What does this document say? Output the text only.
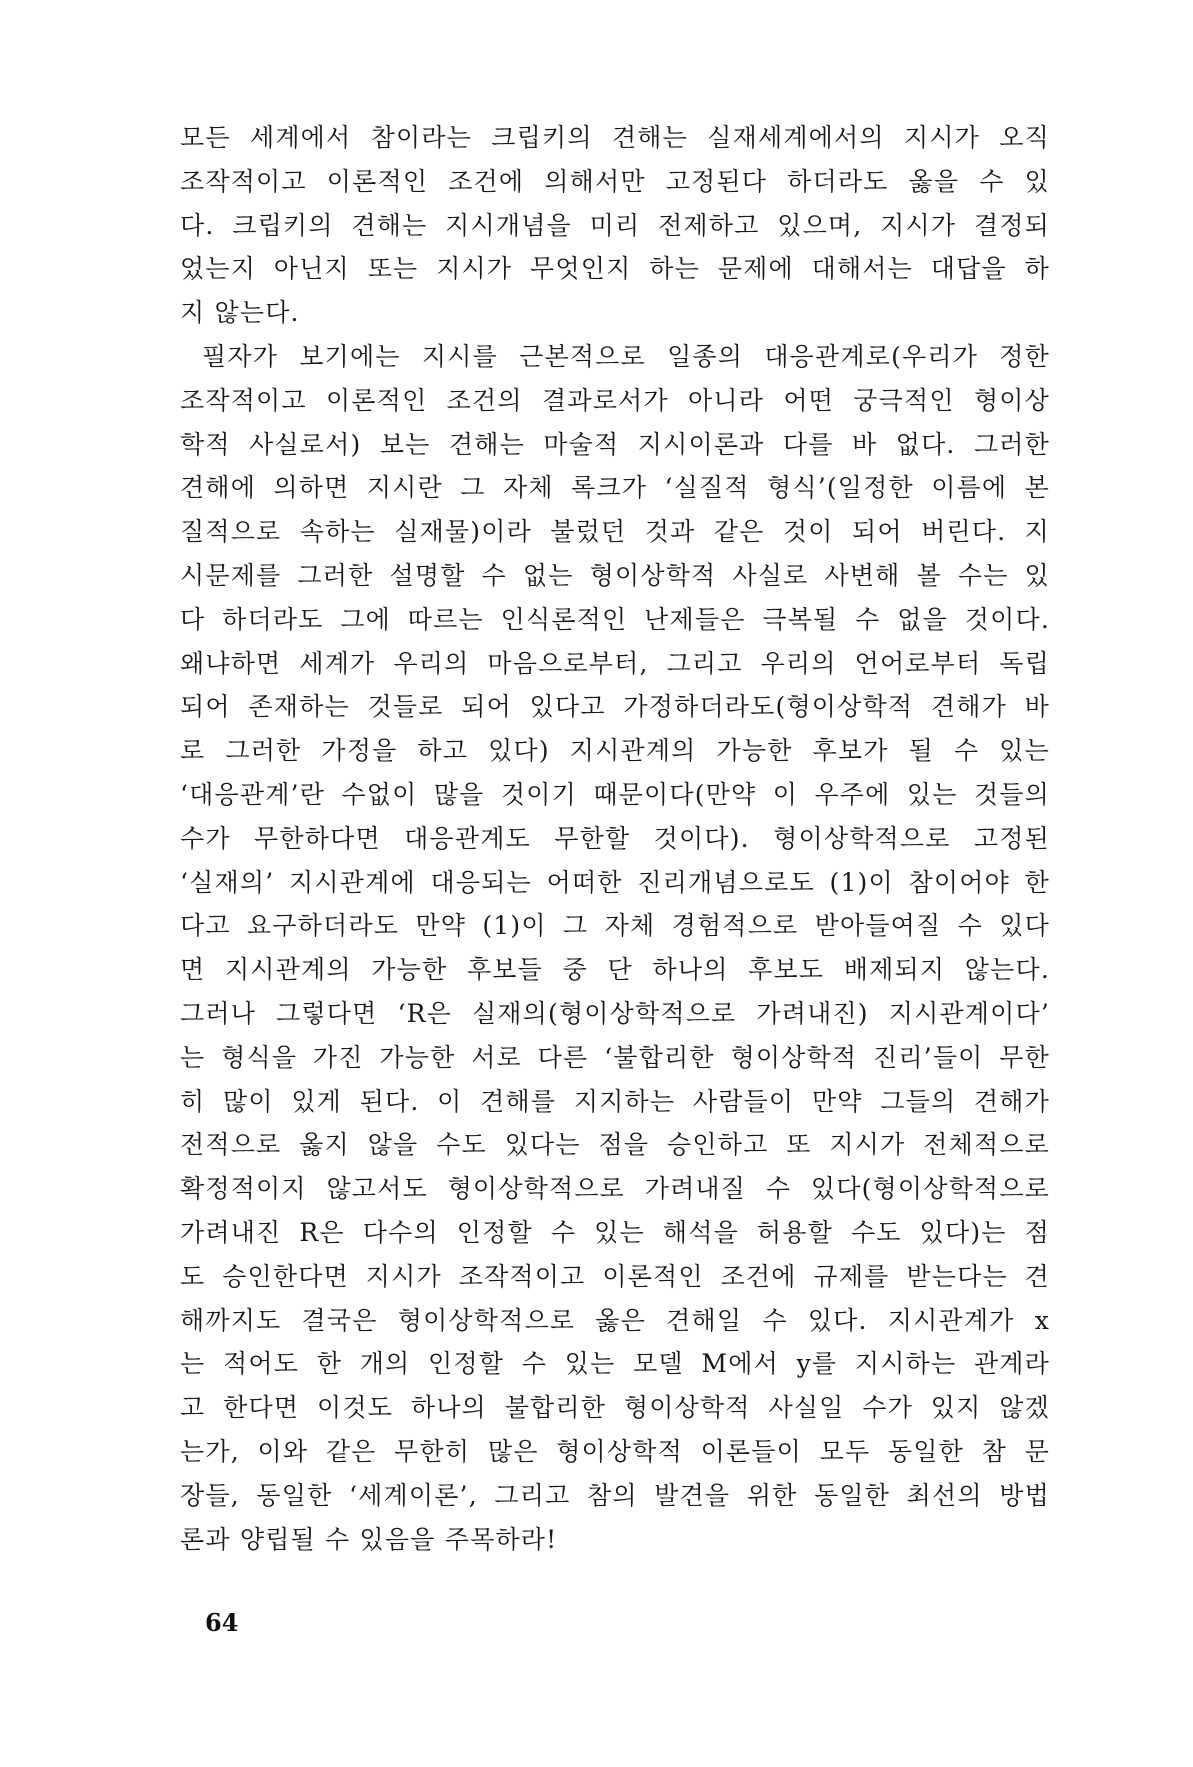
모든 세계에서 참이라는 크립키의 견해는 실재세계에서의 지시가 오직
조작적이고 이론적인 조건에 의해서만 고정된다 하더라도 옳을 수 있
다. 크립키의 견해는 지시개념을 미리 전제하고 있으며, 지시가 결정되
었는지 아닌지 또는 지시가 무엇인지 하는 문제에 대해서는 대답을 하
지 않는다.
필자가 보기에는 지시를 근본적으로 일종의 대응관계로(우리가 정한
조작적이고 이론적인 조건의 결과로서가 아니라 어떤 궁극적인 형이상
학적 사실로서) 보는 견해는 마술적 지시이론과 다를 바 없다. 그러한
견해에 의하면 지시란 그 자체 록크가 ‘실질적 형식’(일정한 이름에 본
질적으로 속하는 실재물)이라 불렀던 것과 같은 것이 되어 버린다. 지
시문제를 그러한 설명할 수 없는 형이상학적 사실로 사변해 볼 수는 있
다 하더라도 그에 따르는 인식론적인 난제들은 극복될 수 없을 것이다.
왜냐하면 세계가 우리의 마음으로부터, 그리고 우리의 언어로부터 독립
되어 존재하는 것들로 되어 있다고 가정하더라도(형이상학적 견해가 바
로 그러한 가정을 하고 있다) 지시관계의 가능한 후보가 될 수 있는
‘대응관계’란 수없이 많을 것이기 때문이다(만약 이 우주에 있는 것들의
수가 무한하다면 대응관계도 무한할 것이다). 형이상학적으로 고정된
‘실재의’ 지시관계에 대응되는 어떠한 진리개념으로도 (1)이 참이어야 한
다고 요구하더라도 만약 (1)이 그 자체 경험적으로 받아들여질 수 있다
면 지시관계의 가능한 후보들 중 단 하나의 후보도 배제되지 않는다.
그러나 그렇다면 ‘R은 실재의(형이상학적으로 가려내진) 지시관계이다’
는 형식을 가진 가능한 서로 다른 ‘불합리한 형이상학적 진리’들이 무한
히 많이 있게 된다. 이 견해를 지지하는 사람들이 만약 그들의 견해가
전적으로 옳지 않을 수도 있다는 점을 승인하고 또 지시가 전체적으로
확정적이지 않고서도 형이상학적으로 가려내질 수 있다(형이상학적으로
가려내진 R은 다수의 인정할 수 있는 해석을 허용할 수도 있다)는 점
도 승인한다면 지시가 조작적이고 이론적인 조건에 규제를 받는다는 견
해까지도 결국은 형이상학적으로 옳은 견해일 수 있다. 지시관계가 x
는 적어도 한 개의 인정할 수 있는 모델 M에서 y를 지시하는 관계라
고 한다면 이것도 하나의 불합리한 형이상학적 사실일 수가 있지 않겠
는가, 이와 같은 무한히 많은 형이상학적 이론들이 모두 동일한 참 문
장들, 동일한 ‘세계이론’, 그리고 참의 발견을 위한 동일한 최선의 방법
론과 양립될 수 있음을 주목하라!
64
